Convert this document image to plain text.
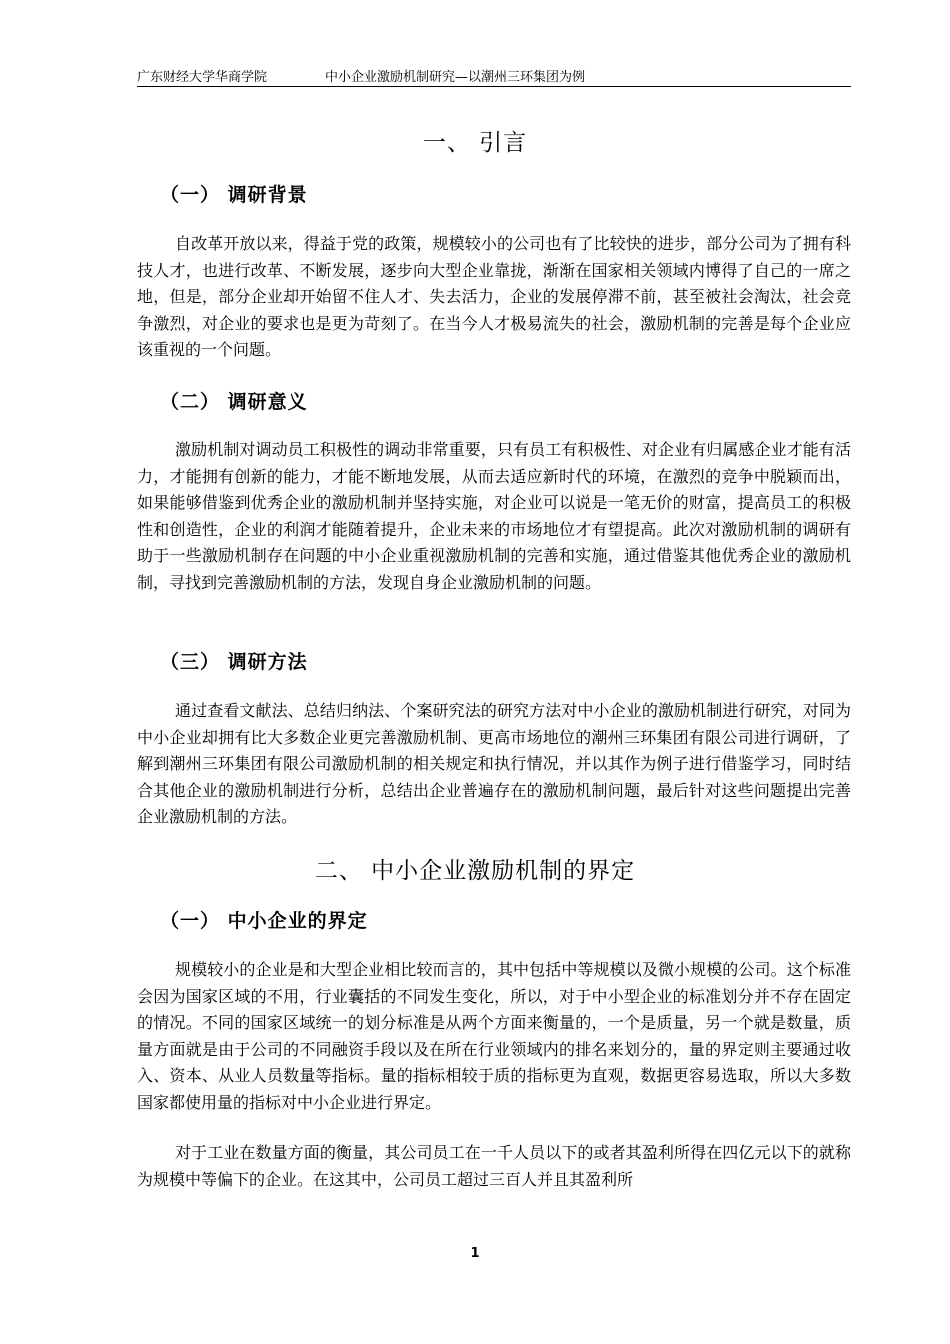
广东财经大学华商学院	中小企业激励机制研究—以潮州三环集团为例
一、 引言
（一） 调研背景

自改革开放以来，得益于党的政策，规模较小的公司也有了比较快的进步，部分公司为了拥有科技人才，也进行改革、不断发展，逐步向大型企业靠拢，渐渐在国家相关领域内博得了自己的一席之地，但是，部分企业却开始留不住人才、失去活力，企业的发展停滞不前，甚至被社会淘汰，社会竞争激烈，对企业的要求也是更为苛刻了。在当今人才极易流失的社会，激励机制的完善是每个企业应该重视的一个问题。

（二） 调研意义

激励机制对调动员工积极性的调动非常重要，只有员工有积极性、对企业有归属感企业才能有活力，才能拥有创新的能力，才能不断地发展，从而去适应新时代的环境，在激烈的竞争中脱颖而出，如果能够借鉴到优秀企业的激励机制并坚持实施，对企业可以说是一笔无价的财富，提高员工的积极性和创造性，企业的利润才能随着提升，企业未来的市场地位才有望提高。此次对激励机制的调研有助于一些激励机制存在问题的中小企业重视激励机制的完善和实施，通过借鉴其他优秀企业的激励机制，寻找到完善激励机制的方法，发现自身企业激励机制的问题。

（三） 调研方法

通过查看文献法、总结归纳法、个案研究法的研究方法对中小企业的激励机制进行研究，对同为中小企业却拥有比大多数企业更完善激励机制、更高市场地位的潮州三环集团有限公司进行调研，了解到潮州三环集团有限公司激励机制的相关规定和执行情况，并以其作为例子进行借鉴学习，同时结合其他企业的激励机制进行分析，总结出企业普遍存在的激励机制问题，最后针对这些问题提出完善企业激励机制的方法。

二、 中小企业激励机制的界定
（一） 中小企业的界定

规模较小的企业是和大型企业相比较而言的，其中包括中等规模以及微小规模的公司。这个标准会因为国家区域的不用，行业囊括的不同发生变化，所以，对于中小型企业的标准划分并不存在固定的情况。不同的国家区域统一的划分标准是从两个方面来衡量的，一个是质量，另一个就是数量，质量方面就是由于公司的不同融资手段以及在所在行业领域内的排名来划分的，量的界定则主要通过收入、资本、从业人员数量等指标。量的指标相较于质的指标更为直观，数据更容易选取，所以大多数国家都使用量的指标对中小企业进行界定。

对于工业在数量方面的衡量，其公司员工在一千人员以下的或者其盈利所得在四亿元以下的就称为规模中等偏下的企业。在这其中，公司员工超过三百人并且其盈利所

1
